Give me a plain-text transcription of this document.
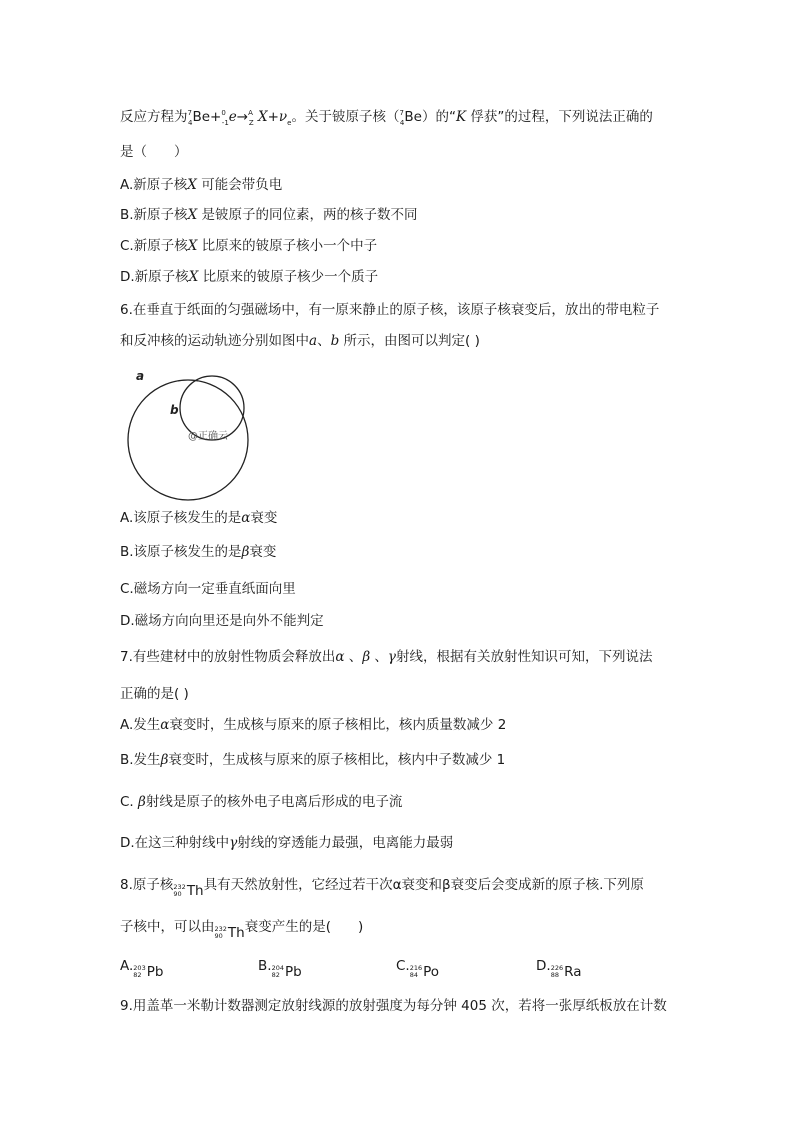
反应方程为$^7_4$Be+$^0_{-1}$e→$^A_Z$ $X+\nu_e$。关于铍原子核（$^7_4$Be）的“K 俘获”的过程，下列说法正确的
是（　　）
A.新原子核X 可能会带负电
B.新原子核X 是铍原子的同位素，两的核子数不同
C.新原子核X 比原来的铍原子核小一个中子
D.新原子核X 比原来的铍原子核少一个质子
6.在垂直于纸面的匀强磁场中，有一原来静止的原子核，该原子核衰变后，放出的带电粒子
和反冲核的运动轨迹分别如图中a、b 所示，由图可以判定( )
a
b
@正确云
A.该原子核发生的是α衰变
B.该原子核发生的是β衰变
C.磁场方向一定垂直纸面向里
D.磁场方向向里还是向外不能判定
7.有些建材中的放射性物质会释放出α 、β 、γ射线，根据有关放射性知识可知，下列说法
正确的是( )
A.发生α衰变时，生成核与原来的原子核相比，核内质量数减少 2
B.发生β衰变时，生成核与原来的原子核相比，核内中子数减少 1
C. β射线是原子的核外电子电离后形成的电子流
D.在这三种射线中γ射线的穿透能力最强，电离能力最弱
8.原子核 232
90 Th 具有天然放射性，它经过若干次α衰变和β衰变后会变成新的原子核.下列原
子核中，可以由 232
90 Th 衰变产生的是(　　)
A. 203
82 Pb	B. 204
82 Pb	C. 216
84 Po	D. 226
88 Ra
9.用盖革一米勒计数器测定放射线源的放射强度为每分钟 405 次，若将一张厚纸板放在计数
